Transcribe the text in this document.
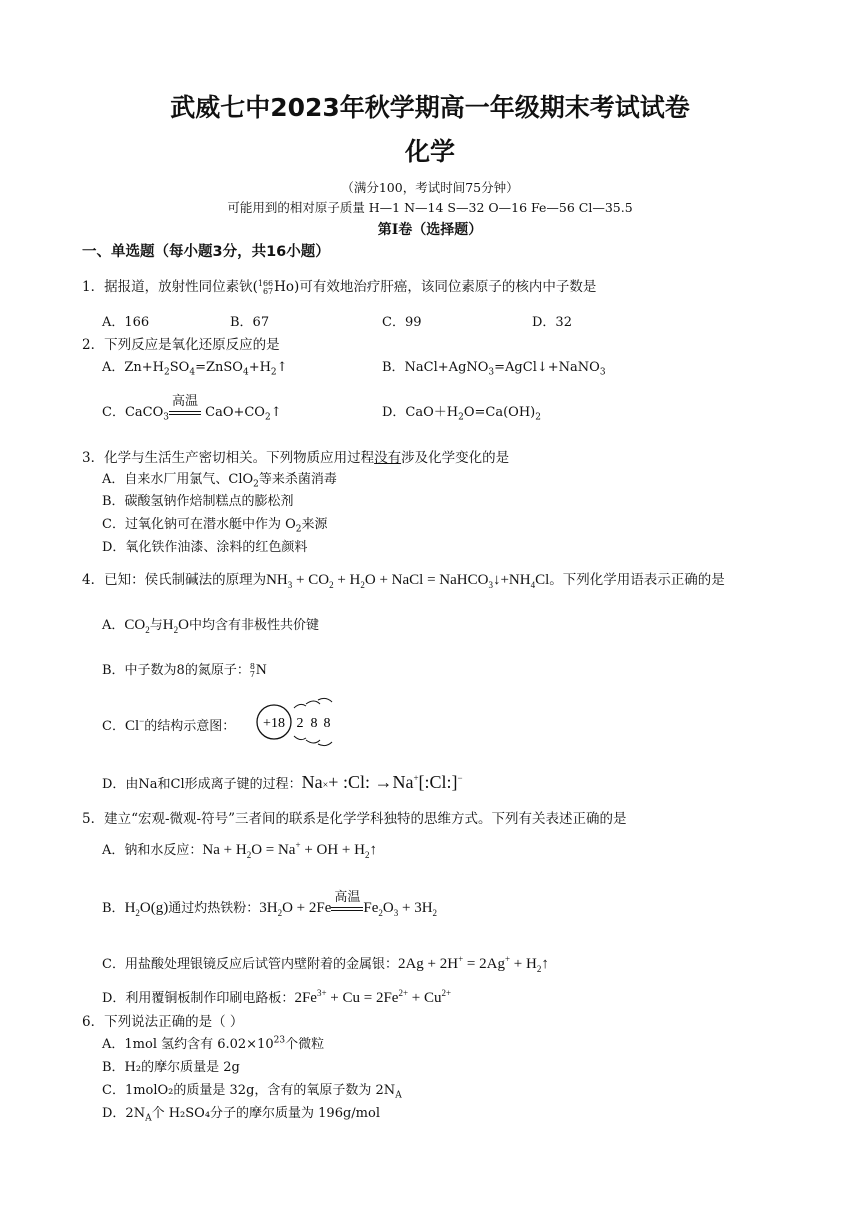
武威七中2023年秋学期高一年级期末考试试卷
化学
（满分100，考试时间75分钟）
可能用到的相对原子质量 H—1 N—14 S—32 O—16 Fe—56 Cl—35.5
第Ⅰ卷（选择题）
一、单选题（每小题3分，共16小题）
1．据报道，放射性同位素钬( 166
67 Ho)可有效地治疗肝癌，该同位素原子的核内中子数是
A．166	B．67	C．99	D．32
2．下列反应是氧化还原反应的是
A．$Zn+H_2SO_4=ZnSO_4+H_2↑$	B．NaCl+AgNO$_3$=AgCl↓+NaNO$_3$
C．CaCO$_3$
高温
$CaO+CO_2↑$	D．$CaO+H_2O=Ca(OH)_2$
3．化学与生活生产密切相关。下列物质应用过程没有涉及化学变化的是
A．自来水厂用氯气、ClO$_2$等来杀菌消毒
B．碳酸氢钠作焙制糕点的膨松剂
C．过氧化钠可在潜水艇中作为 $O_2$来源
D．氧化铁作油漆、涂料的红色颜料
4．已知：侯氏制碱法的原理为$NH_3 + CO_2 + H_2O$ + NaCl = $NaHCO_3↓+NH_4Cl$。下列化学用语表示正确的是
A．$CO_2$与$H_2O$中均含有非极性共价键
B．中子数为8的氮原子： 8
7 N
C．Cl−的结构示意图： +18 2 8 8
D．由Na和Cl形成离子键的过程：Na×+ :Cl: →Na+[:Cl:]−
5．建立“宏观-微观-符号”三者间的联系是化学学科独特的思维方式。下列有关表述正确的是
A．钠和水反应：$Na + H_2O = Na^+$ + OH + $H_2↑$
B．$H_2O(g)$通过灼热铁粉：$3H_2O + 2Fe$
高温
$Fe_2O_3 + 3H_2$
C．用盐酸处理银镜反应后试管内壁附着的金属银：$2Ag + 2H^+ = 2Ag^+ + H_2↑$
D．利用覆铜板制作印刷电路板：$2Fe^{3+} + Cu = 2Fe^{2+} + Cu^{2+}$
6．下列说法正确的是（ ）
A．1mol 氢约含有 $6.02\times 10^{23}$个微粒
B．H₂的摩尔质量是 2g
C．1molO₂的质量是 32g，含有的氧原子数为 $2N_A$
D．$2N_A$个 H₂SO₄分子的摩尔质量为 196g/mol
